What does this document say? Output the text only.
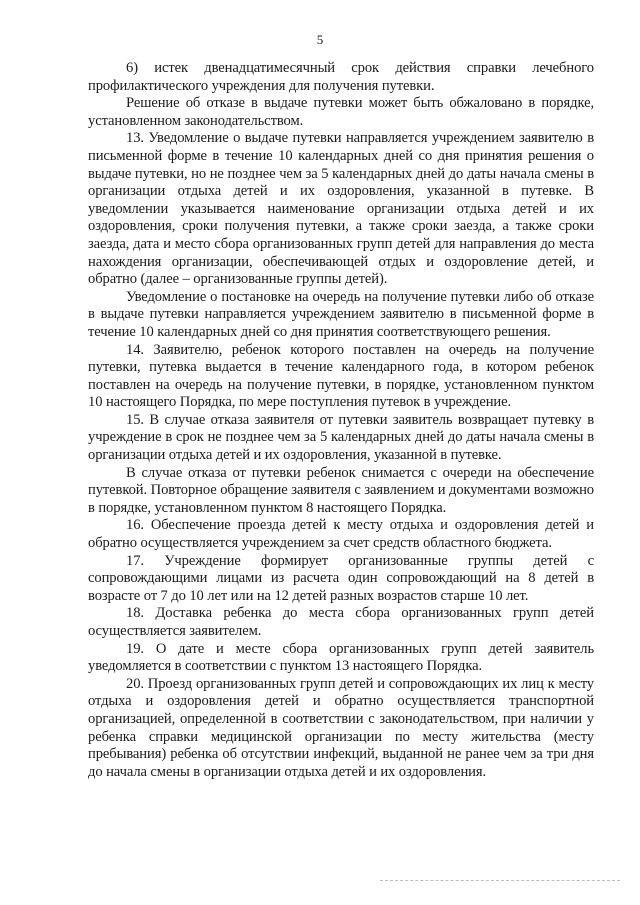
5

6) истек двенадцатимесячный срок действия справки лечебного профилактического учреждения для получения путевки.

Решение об отказе в выдаче путевки может быть обжаловано в порядке, установленном законодательством.

13. Уведомление о выдаче путевки направляется учреждением заявителю в письменной форме в течение 10 календарных дней со дня принятия решения о выдаче путевки, но не позднее чем за 5 календарных дней до даты начала смены в организации отдыха детей и их оздоровления, указанной в путевке. В уведомлении указывается наименование организации отдыха детей и их оздоровления, сроки получения путевки, а также сроки заезда, а также сроки заезда, дата и место сбора организованных групп детей для направления до места нахождения организации, обеспечивающей отдых и оздоровление детей, и обратно (далее – организованные группы детей).

Уведомление о постановке на очередь на получение путевки либо об отказе в выдаче путевки направляется учреждением заявителю в письменной форме в течение 10 календарных дней со дня принятия соответствующего решения.

14. Заявителю, ребенок которого поставлен на очередь на получение путевки, путевка выдается в течение календарного года, в котором ребенок поставлен на очередь на получение путевки, в порядке, установленном пунктом 10 настоящего Порядка, по мере поступления путевок в учреждение.

15. В случае отказа заявителя от путевки заявитель возвращает путевку в учреждение в срок не позднее чем за 5 календарных дней до даты начала смены в организации отдыха детей и их оздоровления, указанной в путевке.

В случае отказа от путевки ребенок снимается с очереди на обеспечение путевкой. Повторное обращение заявителя с заявлением и документами возможно в порядке, установленном пунктом 8 настоящего Порядка.

16. Обеспечение проезда детей к месту отдыха и оздоровления детей и обратно осуществляется учреждением за счет средств областного бюджета.

17. Учреждение формирует организованные группы детей с сопровождающими лицами из расчета один сопровождающий на 8 детей в возрасте от 7 до 10 лет или на 12 детей разных возрастов старше 10 лет.

18. Доставка ребенка до места сбора организованных групп детей осуществляется заявителем.

19. О дате и месте сбора организованных групп детей заявитель уведомляется в соответствии с пунктом 13 настоящего Порядка.

20. Проезд организованных групп детей и сопровождающих их лиц к месту отдыха и оздоровления детей и обратно осуществляется транспортной организацией, определенной в соответствии с законодательством, при наличии у ребенка справки медицинской организации по месту жительства (месту пребывания) ребенка об отсутствии инфекций, выданной не ранее чем за три дня до начала смены в организации отдыха детей и их оздоровления.
